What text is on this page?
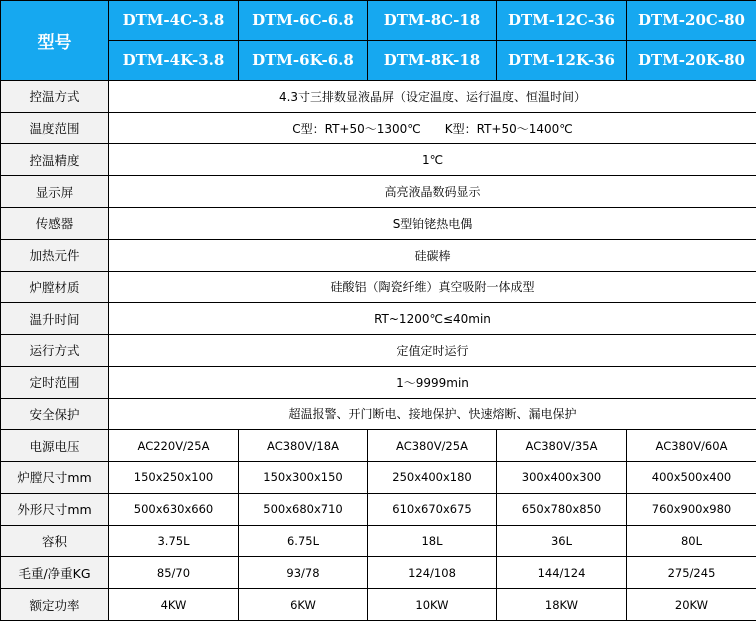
型号	DTM-4C-3.8	DTM-6C-6.8	DTM-8C-18	DTM-12C-36	DTM-20C-80
	DTM-4K-3.8	DTM-6K-6.8	DTM-8K-18	DTM-12K-36	DTM-20K-80
控温方式	4.3寸三排数显液晶屏（设定温度、运行温度、恒温时间）				
温度范围	C型：RT+50～1300℃　　K型：RT+50～1400℃				
控温精度	1℃				
显示屏	高亮液晶数码显示				
传感器	S型铂铑热电偶				
加热元件	硅碳棒				
炉膛材质	硅酸铝（陶瓷纤维）真空吸附一体成型				
温升时间	RT~1200℃≤40min				
运行方式	定值定时运行				
定时范围	1～9999min				
安全保护	超温报警、开门断电、接地保护、快速熔断、漏电保护				
电源电压	AC220V/25A	AC380V/18A	AC380V/25A	AC380V/35A	AC380V/60A
炉膛尺寸mm	150x250x100	150x300x150	250x400x180	300x400x300	400x500x400
外形尺寸mm	500x630x660	500x680x710	610x670x675	650x780x850	760x900x980
容积	3.75L	6.75L	18L	36L	80L
毛重/净重KG	85/70	93/78	124/108	144/124	275/245
额定功率	4KW	6KW	10KW	18KW	20KW
